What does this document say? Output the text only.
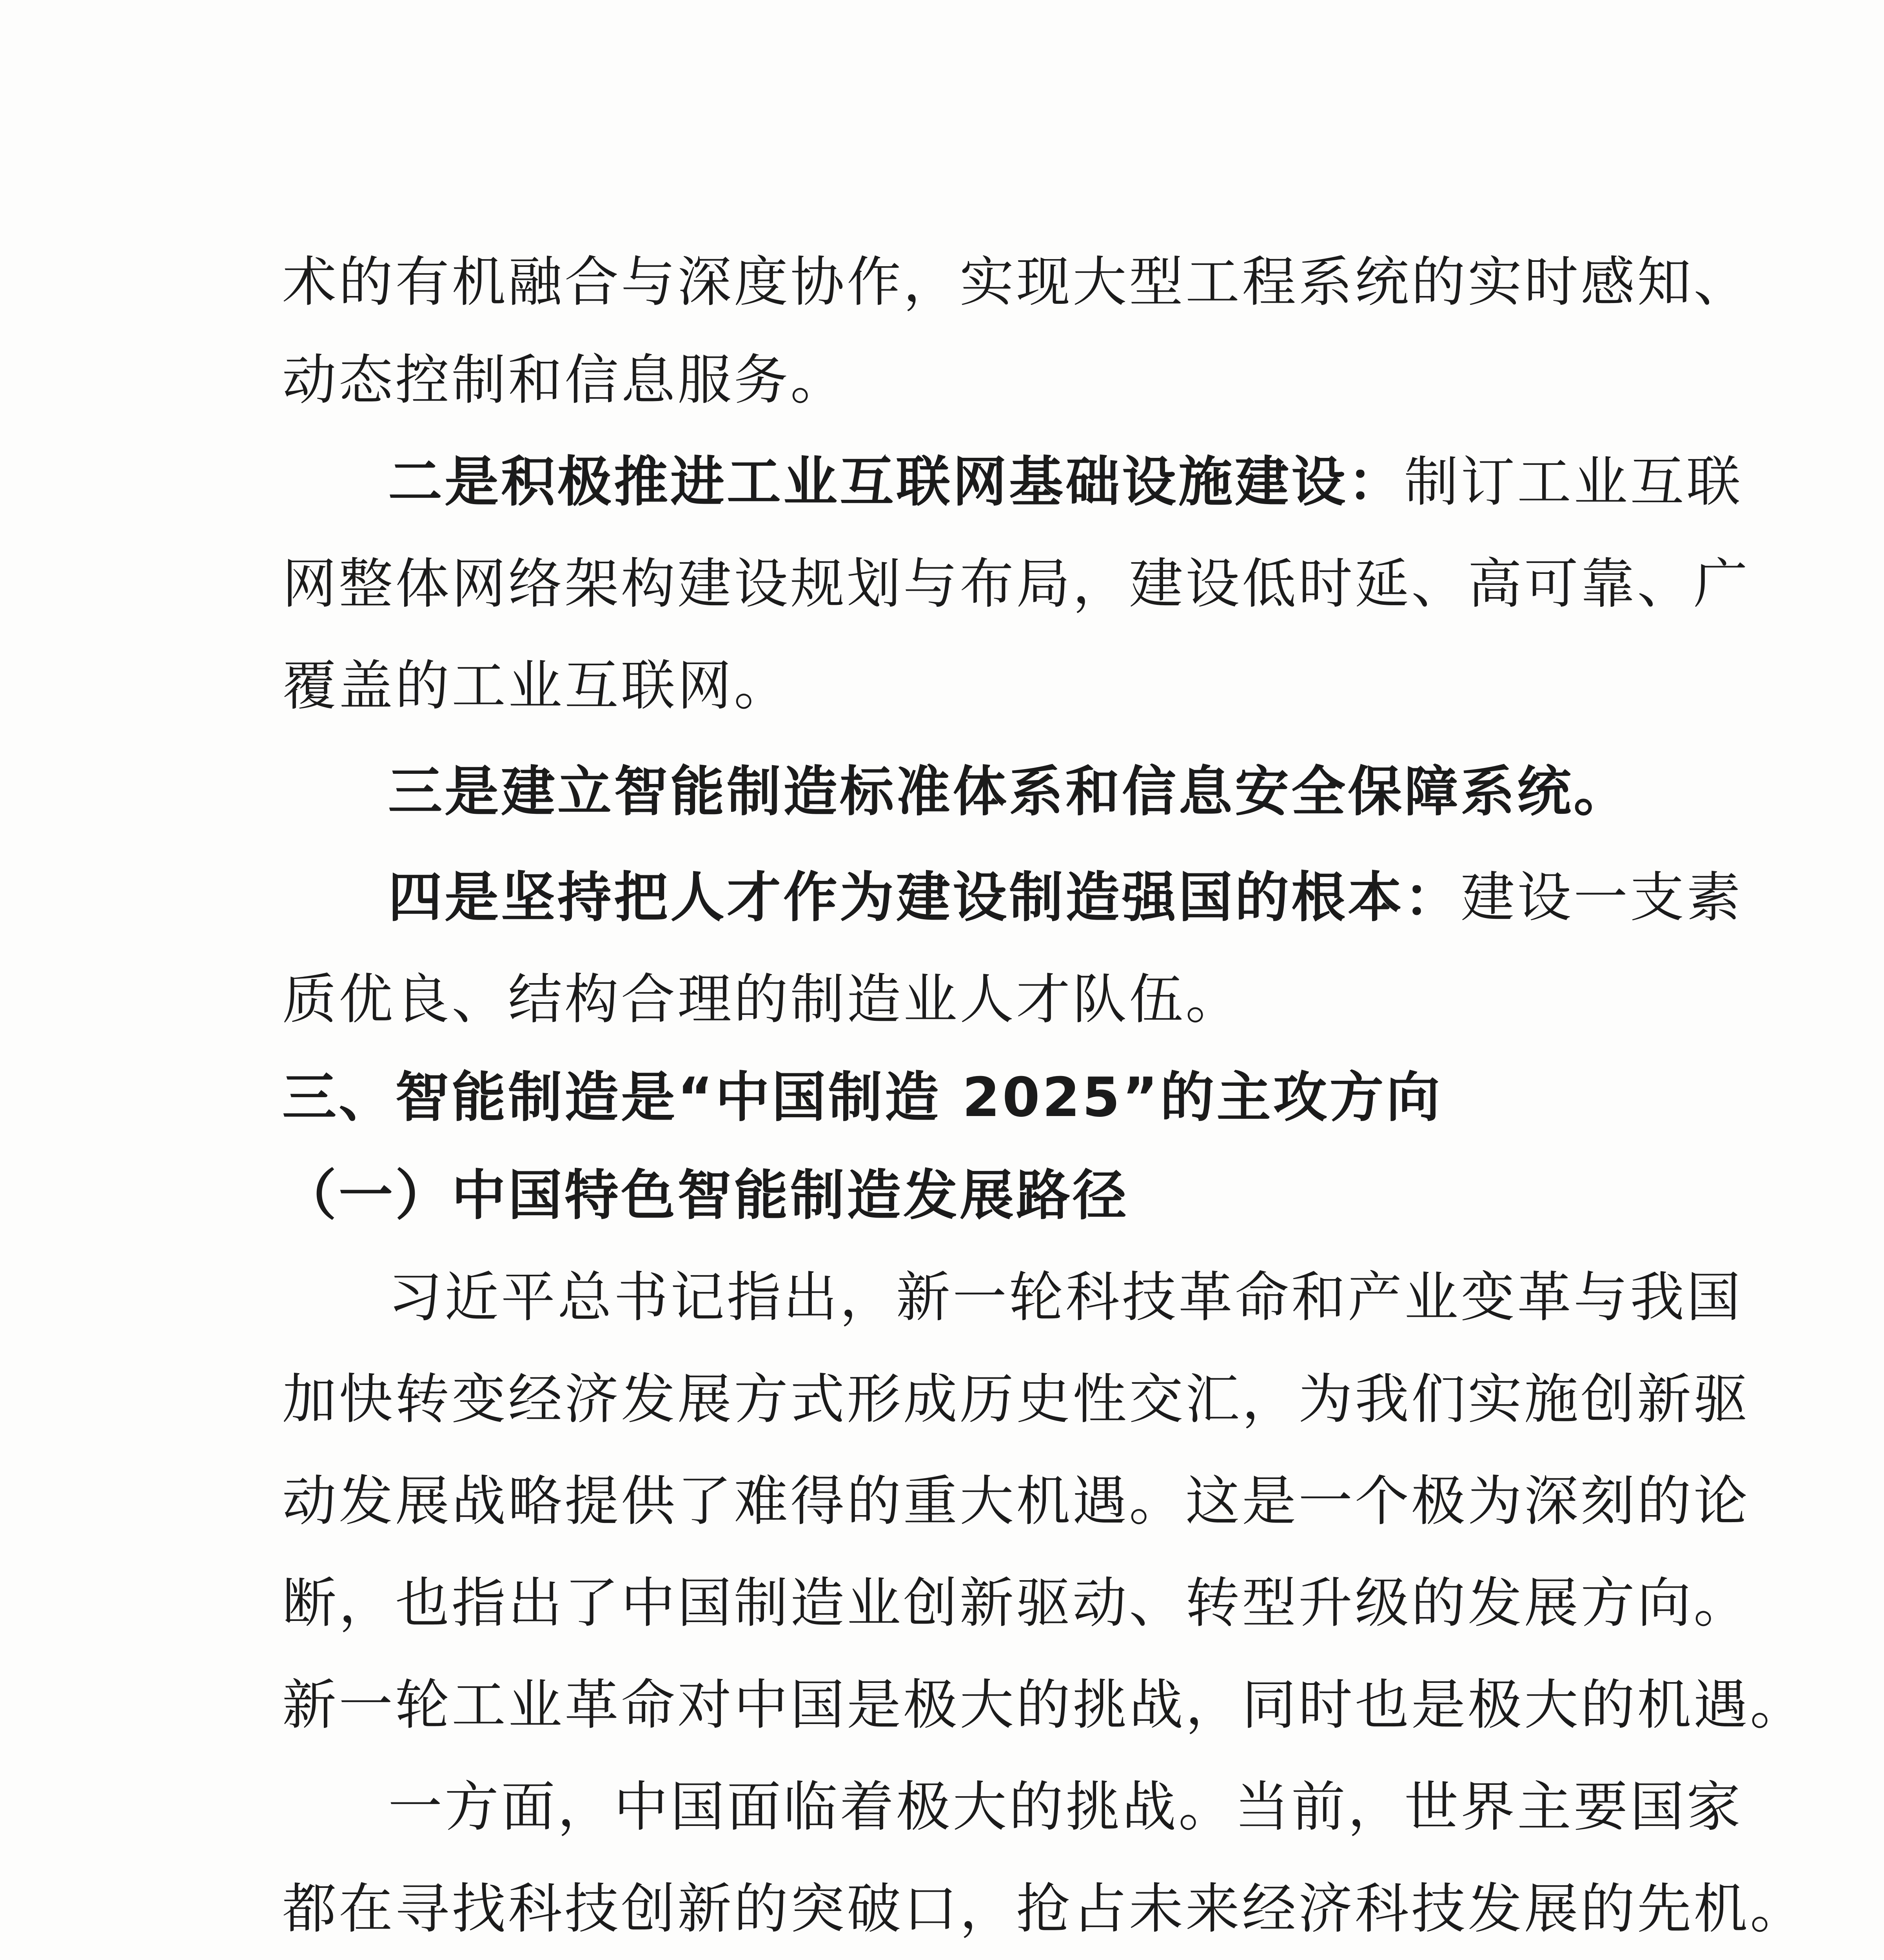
术的有机融合与深度协作，实现大型工程系统的实时感知、
动态控制和信息服务。
二是积极推进工业互联网基础设施建设：制订工业互联
网整体网络架构建设规划与布局，建设低时延、高可靠、广
覆盖的工业互联网。
三是建立智能制造标准体系和信息安全保障系统。
四是坚持把人才作为建设制造强国的根本：建设一支素
质优良、结构合理的制造业人才队伍。
三、智能制造是“中国制造 2025”的主攻方向
（一）中国特色智能制造发展路径
习近平总书记指出，新一轮科技革命和产业变革与我国
加快转变经济发展方式形成历史性交汇，为我们实施创新驱
动发展战略提供了难得的重大机遇。这是一个极为深刻的论
断，也指出了中国制造业创新驱动、转型升级的发展方向。
新一轮工业革命对中国是极大的挑战，同时也是极大的机遇。
一方面，中国面临着极大的挑战。当前，世界主要国家
都在寻找科技创新的突破口，抢占未来经济科技发展的先机。
